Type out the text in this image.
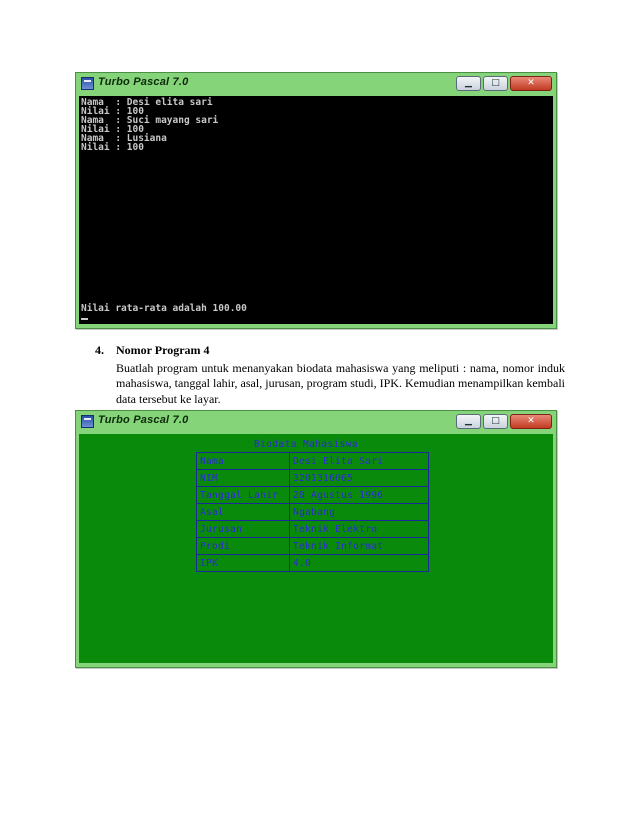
Turbo Pascal 7.0	▁	□	✕
Nama  : Desi elita sari
Nilai : 100
Nama  : Suci mayang sari
Nilai : 100
Nama  : Lusiana
Nilai : 100
Nilai rata-rata adalah 100.00
4. Nomor Program 4
Buatlah program untuk menanyakan biodata mahasiswa yang meliputi : nama, nomor induk mahasiswa, tanggal lahir, asal, jurusan, program studi, IPK. Kemudian menampilkan kembali data tersebut ke layar.
Turbo Pascal 7.0	▁	□	✕
Biodata Mahasiswa
Nama	Desi Elita Sari
NIM	3201316065
Tanggal Lahir	28 Agustus 1996
Asal	Ngabang
Jurusan	Teknik Elektro
Prodi	Teknik Informat
IPK	4.0
